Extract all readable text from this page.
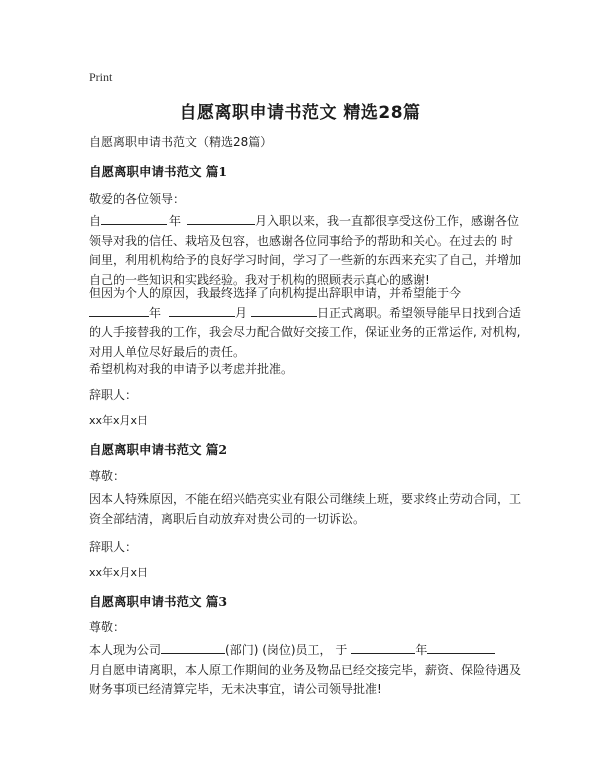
Print
自愿离职申请书范文 精选28篇
自愿离职申请书范文（精选28篇）
自愿离职申请书范文 篇1
敬爱的各位领导：
自	年	月入职以来，我一直都很享受这份工作，感谢各位
领导对我的信任、栽培及包容，也感谢各位同事给予的帮助和关心。在过去的 时
间里，利用机构给予的良好学习时间，学习了一些新的东西来充实了自己，并增加
自己的一些知识和实践经验。我对于机构的照顾表示真心的感谢!
但因为个人的原因，我最终选择了向机构提出辞职申请，并希望能于今
年	月	日正式离职。希望领导能早日找到合适
的人手接替我的工作，我会尽力配合做好交接工作，保证业务的正常运作, 对机构,
对用人单位尽好最后的责任。
希望机构对我的申请予以考虑并批准。
辞职人：
xx年x月x日
自愿离职申请书范文 篇2
尊敬：
因本人特殊原因，不能在绍兴皓亮实业有限公司继续上班，要求终止劳动合同，工
资全部结清，离职后自动放弃对贵公司的一切诉讼。
辞职人：
xx年x月x日
自愿离职申请书范文 篇3
尊敬：
本人现为公司	(部门) (岗位)员工， 于	年
月自愿申请离职，本人原工作期间的业务及物品已经交接完毕，薪资、保险待遇及
财务事项已经清算完毕，无未决事宜，请公司领导批准!
